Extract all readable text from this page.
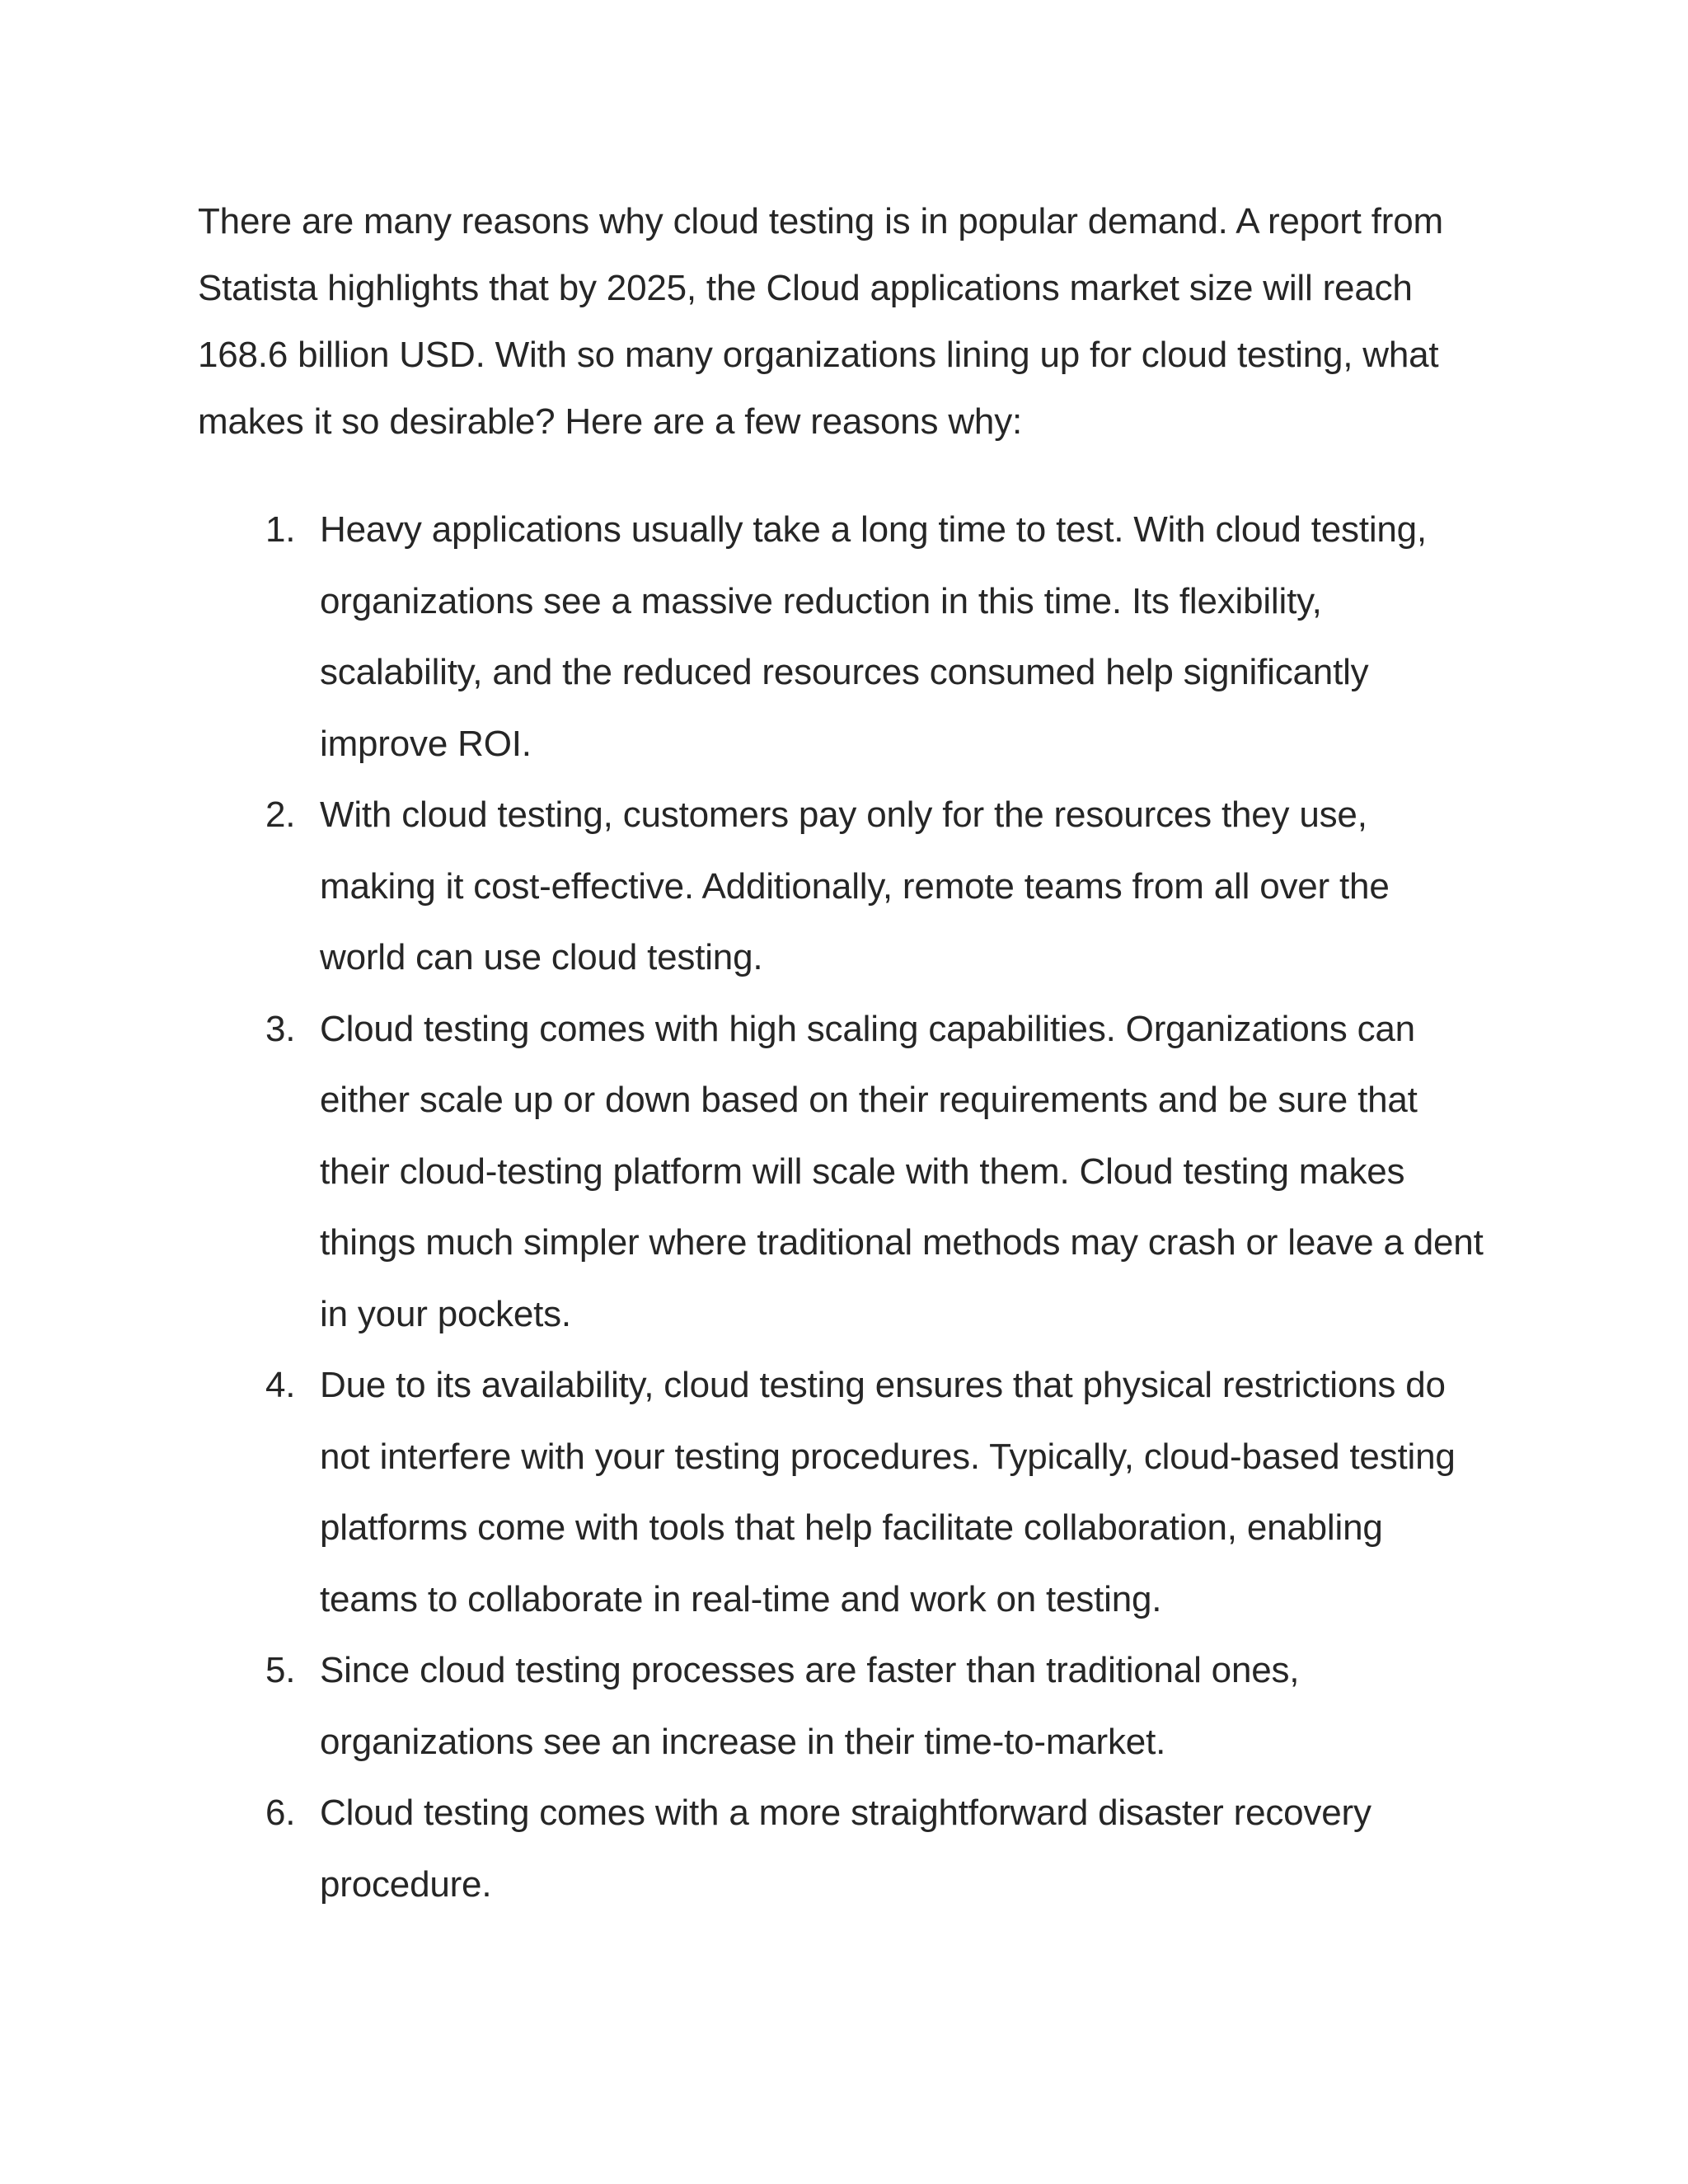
There are many reasons why cloud testing is in popular demand. A report from Statista highlights that by 2025, the Cloud applications market size will reach 168.6 billion USD. With so many organizations lining up for cloud testing, what makes it so desirable? Here are a few reasons why:

1. Heavy applications usually take a long time to test. With cloud testing, organizations see a massive reduction in this time. Its flexibility, scalability, and the reduced resources consumed help significantly improve ROI.
2. With cloud testing, customers pay only for the resources they use, making it cost-effective. Additionally, remote teams from all over the world can use cloud testing.
3. Cloud testing comes with high scaling capabilities. Organizations can either scale up or down based on their requirements and be sure that their cloud-testing platform will scale with them. Cloud testing makes things much simpler where traditional methods may crash or leave a dent in your pockets.
4. Due to its availability, cloud testing ensures that physical restrictions do not interfere with your testing procedures. Typically, cloud-based testing platforms come with tools that help facilitate collaboration, enabling teams to collaborate in real-time and work on testing.
5. Since cloud testing processes are faster than traditional ones, organizations see an increase in their time-to-market.
6. Cloud testing comes with a more straightforward disaster recovery procedure.
